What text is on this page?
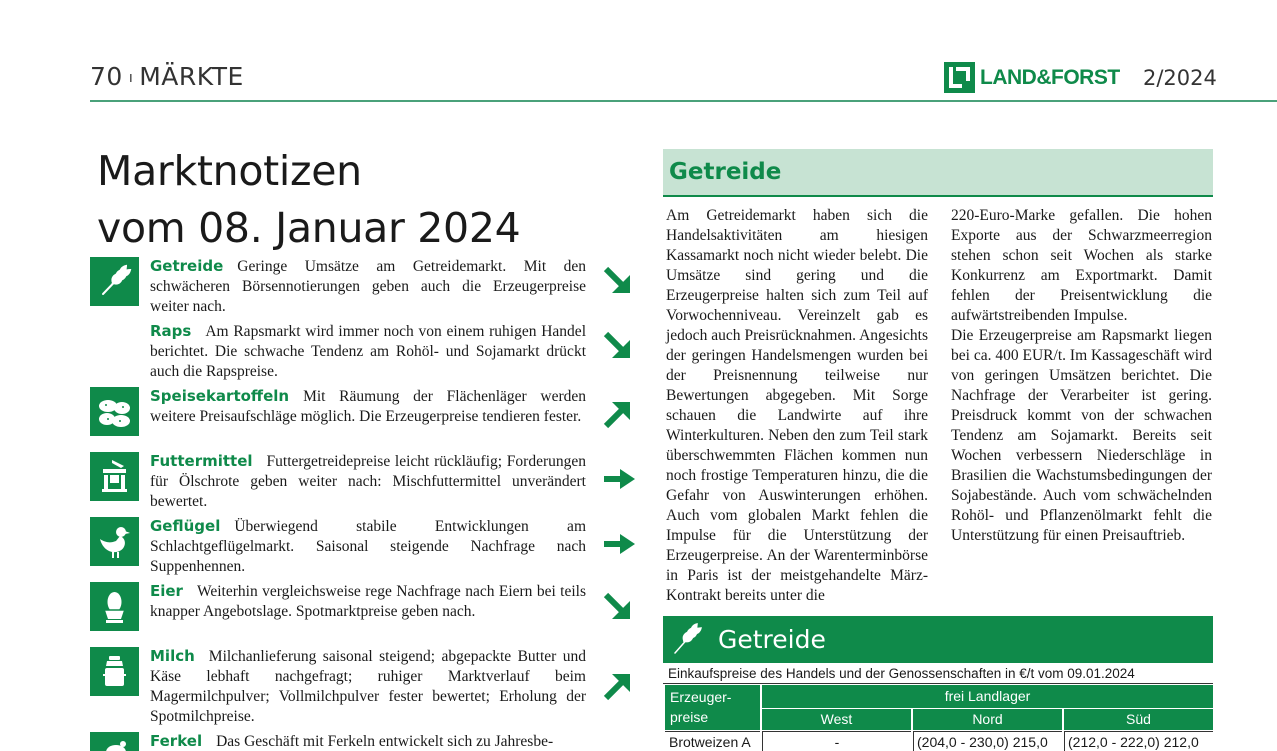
70 ı MÄRKTE	LAND&FORST 2/2024
Marktnotizen
vom 08. Januar 2024
Getreide Geringe Umsätze am Getreidemarkt. Mit den schwächeren Börsennotierungen geben auch die Erzeugerpreise weiter nach.
Raps Am Rapsmarkt wird immer noch von einem ruhigen Handel berichtet. Die schwache Tendenz am Rohöl- und Sojamarkt drückt auch die Rapspreise.
Speisekartoffeln Mit Räumung der Flächenläger werden weitere Preisaufschläge möglich. Die Erzeugerpreise tendieren fester.
Futtermittel Futtergetreidepreise leicht rückläufig; Forderungen für Ölschrote geben weiter nach: Mischfuttermittel unverändert bewertet.
Geflügel Überwiegend stabile Entwicklungen am Schlachtgeflügelmarkt. Saisonal steigende Nachfrage nach Suppenhennen.
Eier Weiterhin vergleichsweise rege Nachfrage nach Eiern bei teils knapper Angebotslage. Spotmarktpreise geben nach.
Milch Milchanlieferung saisonal steigend; abgepackte Butter und Käse lebhaft nachgefragt; ruhiger Marktverlauf beim Magermilchpulver; Vollmilchpulver fester bewertet; Erholung der Spotmilchpreise.
Ferkel Das Geschäft mit Ferkeln entwickelt sich zu Jahresbe-
Getreide
Am Getreidemarkt haben sich die Handelsaktivitäten am hiesigen Kassamarkt noch nicht wieder belebt. Die Umsätze sind gering und die Erzeugerpreise halten sich zum Teil auf Vorwochenniveau. Vereinzelt gab es jedoch auch Preisrücknahmen. Angesichts der geringen Handelsmengen wurden bei der Preisnennung teilweise nur Bewertungen abgegeben. Mit Sorge schauen die Landwirte auf ihre Winterkulturen. Neben den zum Teil stark überschwemmten Flächen kommen nun noch frostige Temperaturen hinzu, die die Gefahr von Auswinterungen erhöhen. Auch vom globalen Markt fehlen die Impulse für die Unterstützung der Erzeugerpreise. An der Warenterminbörse in Paris ist der meistgehandelte März-Kontrakt bereits unter die
220-Euro-Marke gefallen. Die hohen Exporte aus der Schwarzmeerregion stehen schon seit Wochen als starke Konkurrenz am Exportmarkt. Damit fehlen der Preisentwicklung die aufwärtstreibenden Impulse.
Die Erzeugerpreise am Rapsmarkt liegen bei ca. 400 EUR/t. Im Kassageschäft wird von geringen Umsätzen berichtet. Die Nachfrage der Verarbeiter ist gering. Preisdruck kommt von der schwachen Tendenz am Sojamarkt. Bereits seit Wochen verbessern Niederschläge in Brasilien die Wachstumsbedingungen der Sojabestände. Auch vom schwächelnden Rohöl- und Pflanzenölmarkt fehlt die Unterstützung für einen Preisauftrieb.
Getreide
Einkaufspreise des Handels und der Genossenschaften in €/t vom 09.01.2024
Erzeuger-
preise
frei Landlager
West	Nord	Süd
Brotweizen A	-	(204,0 - 230,0) 215,0	(212,0 - 222,0) 212,0
